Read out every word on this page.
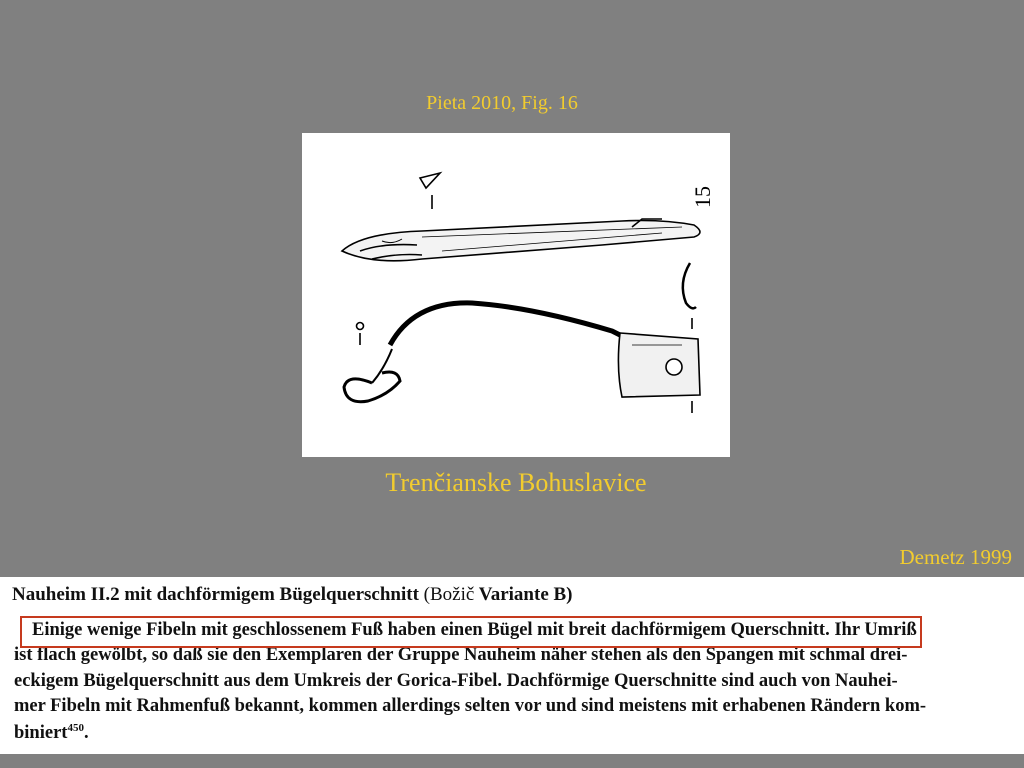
Pieta 2010, Fig. 16
15
Trenčianske Bohuslavice
Demetz 1999
Nauheim II.2 mit dachförmigem Bügelquerschnitt (Božič Variante B)
Einige wenige Fibeln mit geschlossenem Fuß haben einen Bügel mit breit dachförmigem Querschnitt. Ihr Umriß
ist flach gewölbt, so daß sie den Exemplaren der Gruppe Nauheim näher stehen als den Spangen mit schmal drei-
eckigem Bügelquerschnitt aus dem Umkreis der Gorica-Fibel. Dachförmige Querschnitte sind auch von Nauhei-
mer Fibeln mit Rahmenfuß bekannt, kommen allerdings selten vor und sind meistens mit erhabenen Rändern kom-
biniert$^{450}$.
